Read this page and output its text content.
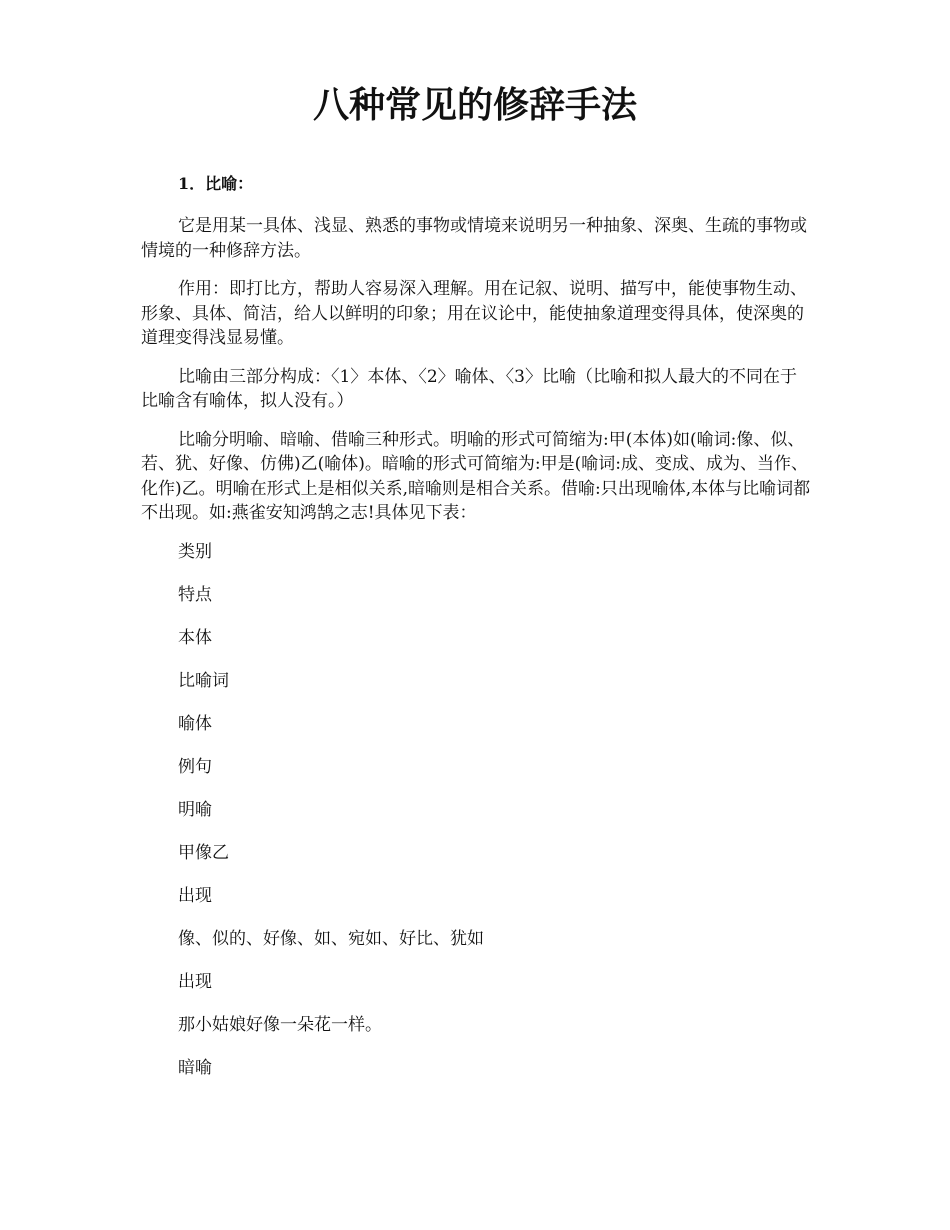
八种常见的修辞手法

1．比喻：

它是用某一具体、浅显、熟悉的事物或情境来说明另一种抽象、深奥、生疏的事物或情境的一种修辞方法。

作用：即打比方，帮助人容易深入理解。用在记叙、说明、描写中，能使事物生动、形象、具体、简洁，给人以鲜明的印象；用在议论中，能使抽象道理变得具体，使深奥的道理变得浅显易懂。

比喻由三部分构成：〈1〉本体、〈2〉喻体、〈3〉比喻（比喻和拟人最大的不同在于比喻含有喻体，拟人没有。）

比喻分明喻、暗喻、借喻三种形式。明喻的形式可简缩为:甲(本体)如(喻词:像、似、若、犹、好像、仿佛)乙(喻体)。暗喻的形式可简缩为:甲是(喻词:成、变成、成为、当作、化作)乙。明喻在形式上是相似关系,暗喻则是相合关系。借喻:只出现喻体,本体与比喻词都不出现。如:燕雀安知鸿鹄之志!具体见下表：

类别

特点

本体

比喻词

喻体

例句

明喻

甲像乙

出现

像、似的、好像、如、宛如、好比、犹如

出现

那小姑娘好像一朵花一样。

暗喻
